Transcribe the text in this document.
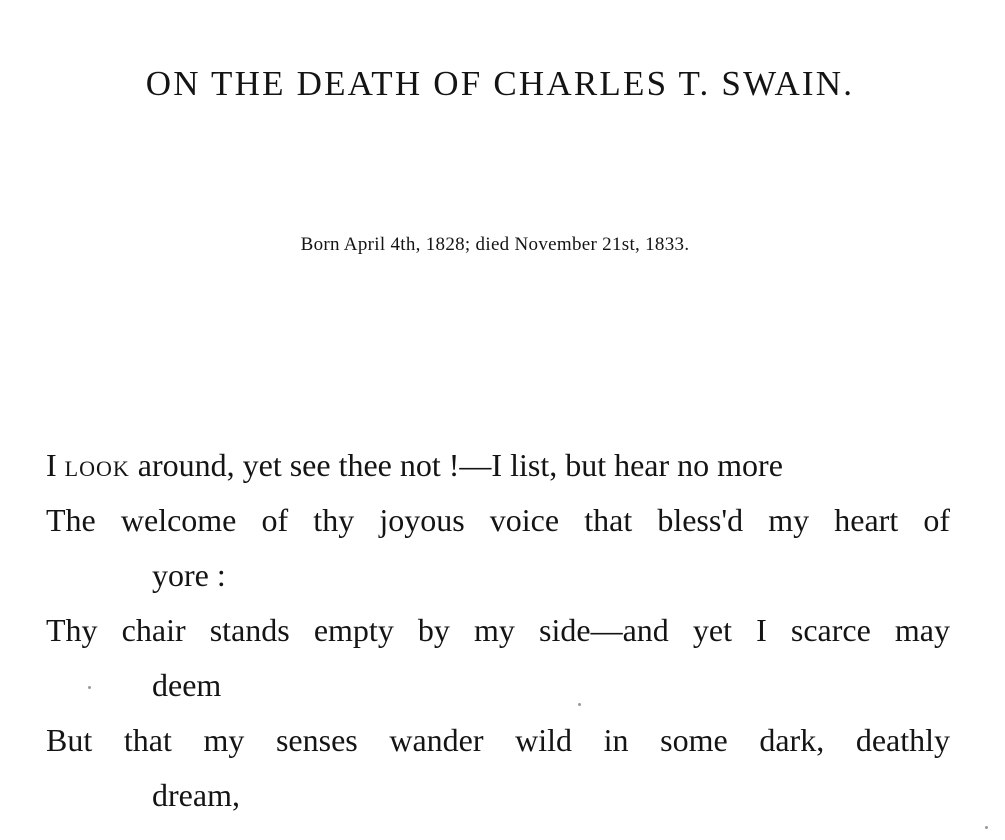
ON THE DEATH OF CHARLES T. SWAIN.
Born April 4th, 1828; died November 21st, 1833.
I look around, yet see thee not !—I list, but hear no more
The welcome of thy joyous voice that bless'd my heart of
yore :
Thy chair stands empty by my side—and yet I scarce may
deem
But that my senses wander wild in some dark, deathly
dream,
